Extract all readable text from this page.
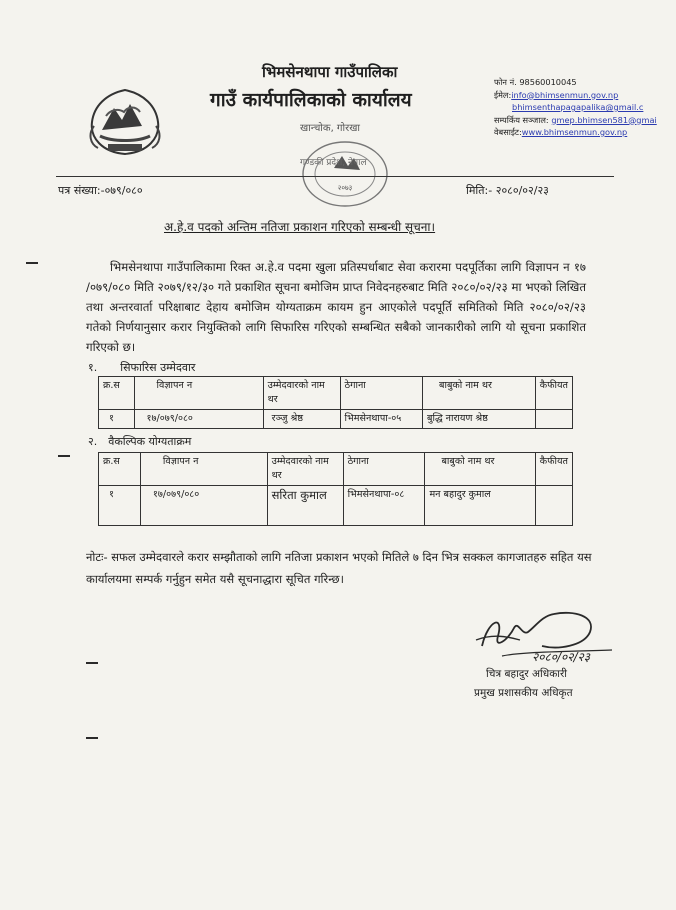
भिमसेनथापा गाउँपालिका
गाउँ कार्यपालिकाको कार्यालय
खान्चोक, गोरखा
२०७३
गण्डकी प्रदेश, नेपाल
फोन नं. 98560010045
ईमेल:info@bhimsenmun.gov.np
bhimsenthapagapalika@gmail.c
सम्पर्किय सञ्जाल: gmep.bhimsen581@gmai
वेबसाईट:www.bhimsenmun.gov.np
पत्र संख्या:-०७९/०८०	मिति:- २०८०/०२/२३
अ.हे.व पदको अन्तिम नतिजा प्रकाशन गरिएको सम्बन्धी सूचना।
भिमसेनथापा गाउँपालिकामा रिक्त अ.हे.व पदमा खुला प्रतिस्पर्धाबाट सेवा करारमा पदपूर्तिका लागि विज्ञापन न १७ /०७९/०८० मिति २०७९/१२/३० गते प्रकाशित सूचना बमोजिम प्राप्त निवेदनहरुबाट मिति २०८०/०२/२३ मा भएको लिखित तथा अन्तरवार्ता परिक्षाबाट देहाय बमोजिम योग्यताक्रम कायम हुन आएकोले पदपूर्ति समितिको मिति २०८०/०२/२३ गतेको निर्णयानुसार करार नियुक्तिको लागि सिफारिस गरिएको सम्बन्धित सबैको जानकारीको लागि यो सूचना प्रकाशित गरिएको छ।
१. सिफारिस उम्मेदवार
क्र.स	विज्ञापन न	उम्मेदवारको नाम थर	ठेगाना	बाबुको नाम थर	कैफीयत
१	१७/०७९/०८०	रञ्जु श्रेष्ठ	भिमसेनथापा-०५	बुद्धि नारायण श्रेष्ठ	
२. वैकल्पिक योग्यताक्रम
क्र.स	विज्ञापन न	उम्मेदवारको नाम थर	ठेगाना	बाबुको नाम थर	कैफीयत
१	१७/०७९/०८०	सरिता कुमाल	भिमसेनथापा-०८	मन बहादुर कुमाल	
नोटः- सफल उम्मेदवारले करार सम्झौताको लागि नतिजा प्रकाशन भएको मितिले ७ दिन भित्र सक्कल कागजातहरु सहित यस कार्यालयमा सम्पर्क गर्नुहुन समेत यसै सूचनाद्धारा सूचित गरिन्छ।
२०८०/०२/२३
चित्र बहादुर अधिकारी
प्रमुख प्रशासकीय अधिकृत
